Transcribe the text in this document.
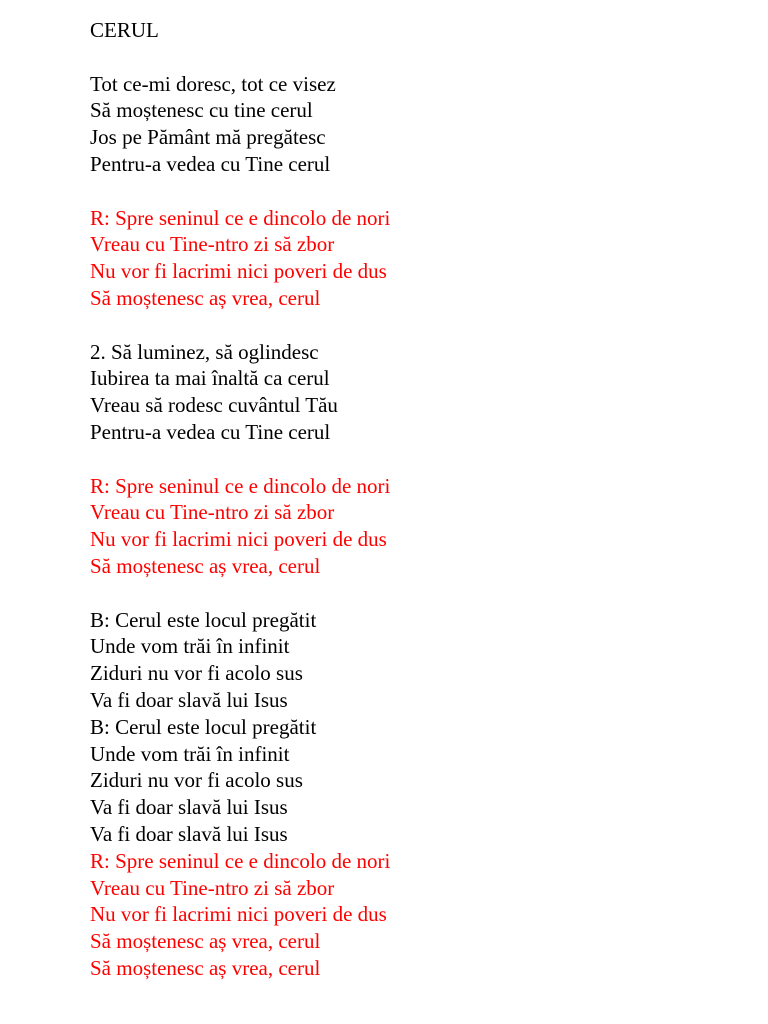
CERUL
Tot ce-mi doresc, tot ce visez
Să moștenesc cu tine cerul
Jos pe Pământ mă pregătesc
Pentru-a vedea cu Tine cerul
R: Spre seninul ce e dincolo de nori
Vreau cu Tine-ntro zi să zbor
Nu vor fi lacrimi nici poveri de dus
Să moștenesc aș vrea, cerul
2. Să luminez, să oglindesc
Iubirea ta mai înaltă ca cerul
Vreau să rodesc cuvântul Tău
Pentru-a vedea cu Tine cerul
R: Spre seninul ce e dincolo de nori
Vreau cu Tine-ntro zi să zbor
Nu vor fi lacrimi nici poveri de dus
Să moștenesc aș vrea, cerul
B: Cerul este locul pregătit
Unde vom trăi în infinit
Ziduri nu vor fi acolo sus
Va fi doar slavă lui Isus
B: Cerul este locul pregătit
Unde vom trăi în infinit
Ziduri nu vor fi acolo sus
Va fi doar slavă lui Isus
Va fi doar slavă lui Isus
R: Spre seninul ce e dincolo de nori
Vreau cu Tine-ntro zi să zbor
Nu vor fi lacrimi nici poveri de dus
Să moștenesc aș vrea, cerul
Să moștenesc aș vrea, cerul
